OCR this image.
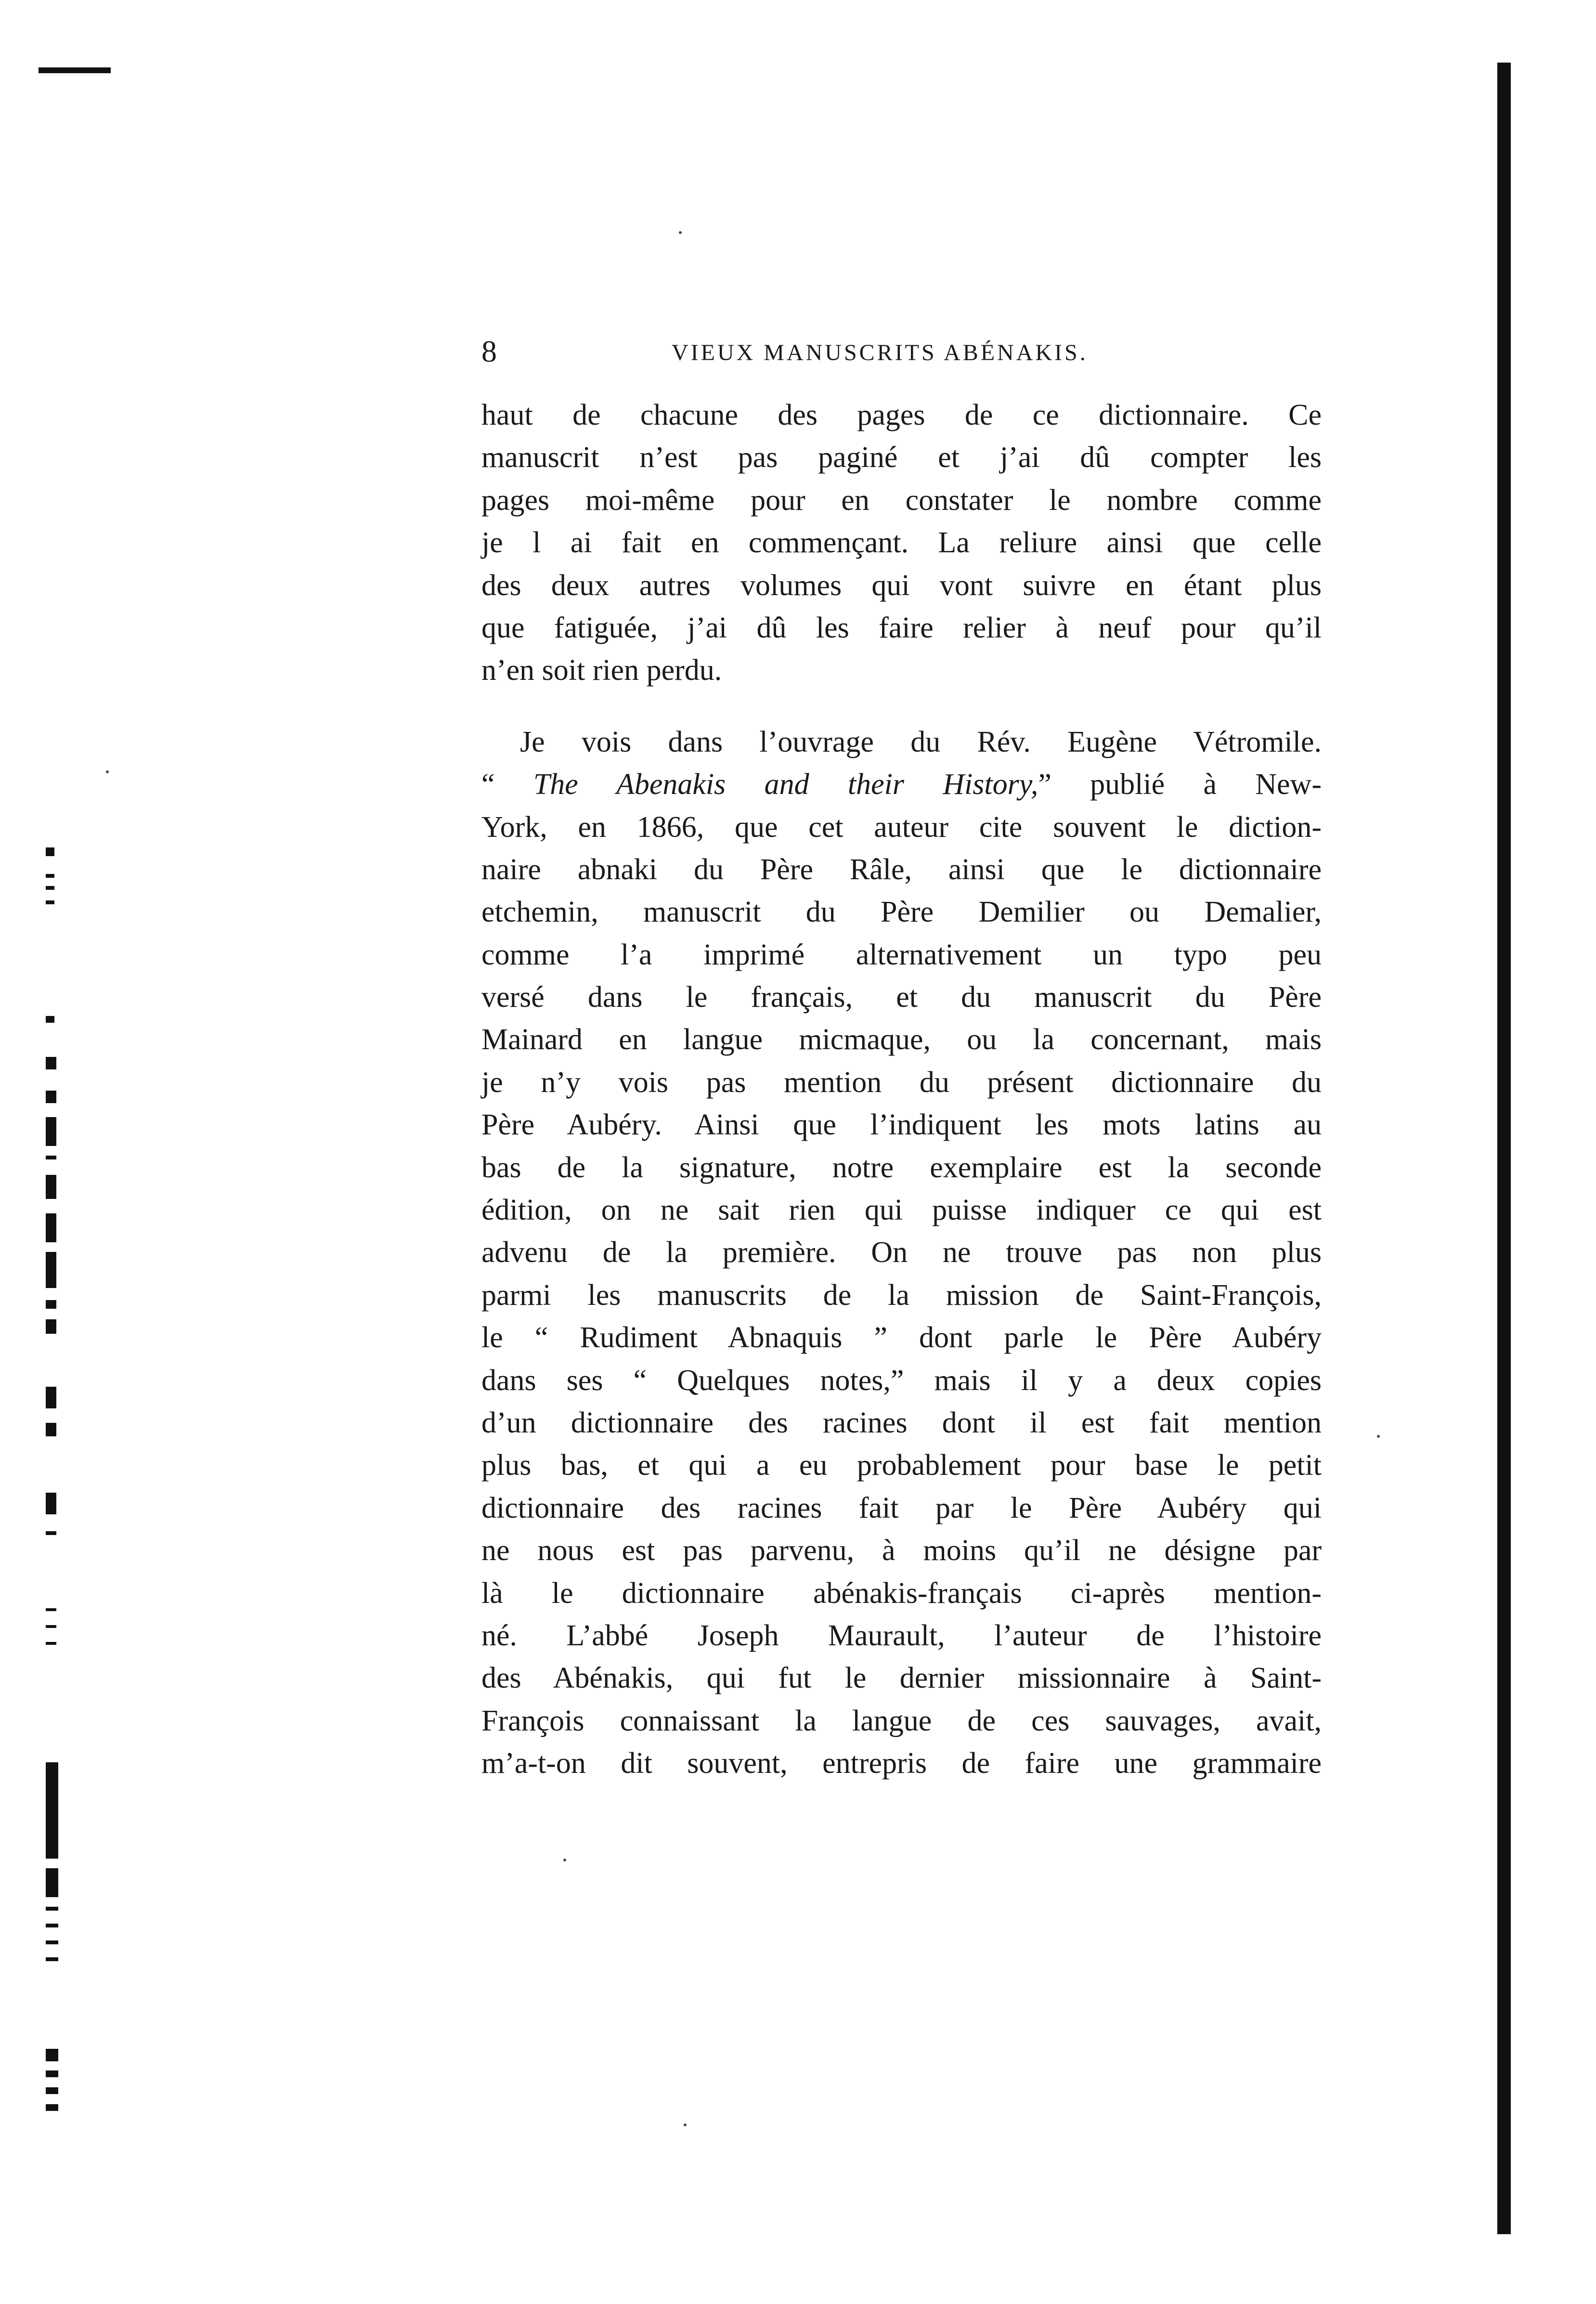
8	VIEUX MANUSCRITS ABÉNAKIS.
haut de chacune des pages de ce dictionnaire. Ce
manuscrit n’est pas paginé et j’ai dû compter les
pages moi-même pour en constater le nombre comme
je l ai fait en commençant. La reliure ainsi que celle
des deux autres volumes qui vont suivre en étant plus
que fatiguée, j’ai dû les faire relier à neuf pour qu’il
n’en soit rien perdu.
Je vois dans l’ouvrage du Rév. Eugène Vétromile.
“ The Abenakis and their History,” publié à New-
York, en 1866, que cet auteur cite souvent le diction-
naire abnaki du Père Râle, ainsi que le dictionnaire
etchemin, manuscrit du Père Demilier ou Demalier,
comme l’a imprimé alternativement un typo peu
versé dans le français, et du manuscrit du Père
Mainard en langue micmaque, ou la concernant, mais
je n’y vois pas mention du présent dictionnaire du
Père Aubéry. Ainsi que l’indiquent les mots latins au
bas de la signature, notre exemplaire est la seconde
édition, on ne sait rien qui puisse indiquer ce qui est
advenu de la première. On ne trouve pas non plus
parmi les manuscrits de la mission de Saint-François,
le “ Rudiment Abnaquis ” dont parle le Père Aubéry
dans ses “ Quelques notes,” mais il y a deux copies
d’un dictionnaire des racines dont il est fait mention
plus bas, et qui a eu probablement pour base le petit
dictionnaire des racines fait par le Père Aubéry qui
ne nous est pas parvenu, à moins qu’il ne désigne par
là le dictionnaire abénakis-français ci-après mention-
né. L’abbé Joseph Maurault, l’auteur de l’histoire
des Abénakis, qui fut le dernier missionnaire à Saint-
François connaissant la langue de ces sauvages, avait,
m’a-t-on dit souvent, entrepris de faire une grammaire
